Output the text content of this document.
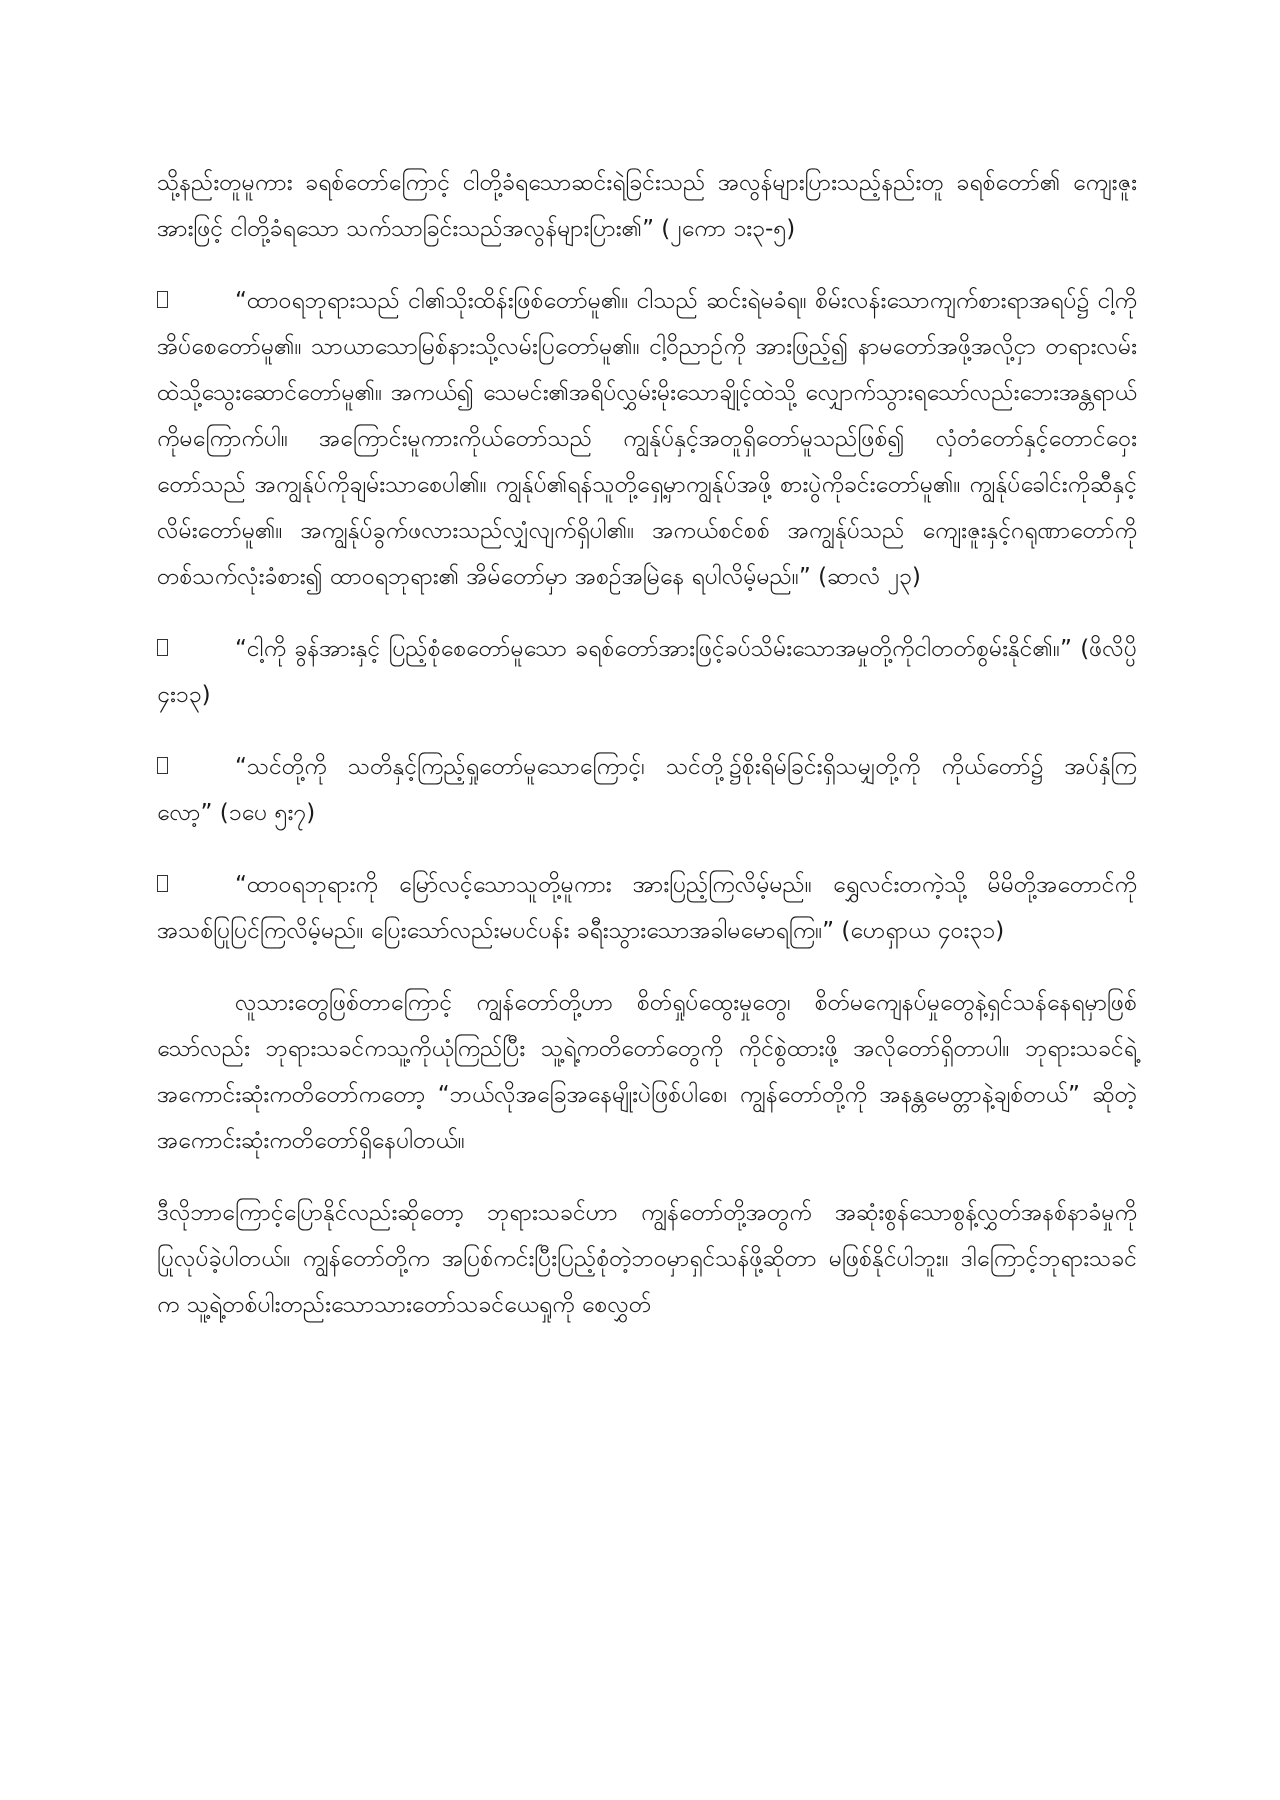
သို့နည်းတူမူကား ခရစ်တော်ကြောင့် ငါတို့ခံရသောဆင်းရဲခြင်းသည် အလွန်များပြားသည့်နည်းတူ ခရစ်တော်၏ ကျေးဇူးအားဖြင့် ငါတို့ခံရသော သက်သာခြင်းသည်အလွန်များပြား၏” (၂ကော ၁း၃-၅)

“ထာဝရဘုရားသည် ငါ၏သိုးထိန်းဖြစ်တော်မူ၏။ ငါသည် ဆင်းရဲမခံရ။ စိမ်းလန်းသောကျက်စားရာအရပ်၌ ငါ့ကိုအိပ်စေတော်မူ၏။ သာယာသောမြစ်နားသို့လမ်းပြတော်မူ၏။ ငါ့ဝိညာဉ်ကို အားဖြည့်၍ နာမတော်အဖို့အလို့ငှာ တရားလမ်းထဲသို့သွေးဆောင်တော်မူ၏။ အကယ်၍ သေမင်း၏အရိပ်လွှမ်းမိုးသောချိုင့်ထဲသို့ လျှောက်သွားရသော်လည်းဘေးအန္တရာယ်ကိုမကြောက်ပါ။ အကြောင်းမူကားကိုယ်တော်သည် ကျွန်ုပ်နှင့်အတူရှိတော်မူသည်ဖြစ်၍ လှံတံတော်နှင့်တောင်ဝှေးတော်သည် အကျွန်ုပ်ကိုချမ်းသာစေပါ၏။ ကျွန်ုပ်၏ရန်သူတို့ရှေ့မှာကျွန်ုပ်အဖို့ စားပွဲကိုခင်းတော်မူ၏။ ကျွန်ုပ်ခေါင်းကိုဆီနှင့်လိမ်းတော်မူ၏။ အကျွန်ုပ်ခွက်ဖလားသည်လျှံလျက်ရှိပါ၏။ အကယ်စင်စစ် အကျွန်ုပ်သည် ကျေးဇူးနှင့်ဂရုဏာတော်ကို တစ်သက်လုံးခံစား၍ ထာဝရဘုရား၏ အိမ်တော်မှာ အစဉ်အမြဲနေ ရပါလိမ့်မည်။” (ဆာလံ ၂၃)

“ငါ့ကို ခွန်အားနှင့် ပြည့်စုံစေတော်မူသော ခရစ်တော်အားဖြင့်ခပ်သိမ်းသောအမှုတို့ကိုငါတတ်စွမ်းနိုင်၏။” (ဖိလိပ္ပိ ၄း၁၃)

“သင်တို့ကို သတိနှင့်ကြည့်ရှုတော်မူသောကြောင့်၊ သင်တို့၌စိုးရိမ်ခြင်းရှိသမျှတို့ကို ကိုယ်တော်၌ အပ်နှံကြလော့” (၁ပေ ၅း၇)

“ထာဝရဘုရားကို မြော်လင့်သောသူတို့မူကား အားပြည့်ကြလိမ့်မည်။ ရွှေလင်းတကဲ့သို့ မိမိတို့အတောင်ကို အသစ်ပြုပြင်ကြလိမ့်မည်။ ပြေးသော်လည်းမပင်ပန်း ခရီးသွားသောအခါမမောရကြ။” (ဟေရှာယ ၄ဝး၃၁)

လူသားတွေဖြစ်တာကြောင့် ကျွန်တော်တို့ဟာ စိတ်ရှုပ်ထွေးမှုတွေ၊ စိတ်မကျေနပ်မှုတွေနဲ့ရှင်သန်နေရမှာဖြစ်သော်လည်း ဘုရားသခင်ကသူ့ကိုယုံကြည်ပြီး သူ့ရဲ့ကတိတော်တွေကို ကိုင်စွဲထားဖို့ အလိုတော်ရှိတာပါ။ ဘုရားသခင်ရဲ့အကောင်းဆုံးကတိတော်ကတော့ “ဘယ်လိုအခြေအနေမျိုးပဲဖြစ်ပါစေ၊ ကျွန်တော်တို့ကို အနန္တမေတ္တာနဲ့ချစ်တယ်” ဆိုတဲ့ အကောင်းဆုံးကတိတော်ရှိနေပါတယ်။

ဒီလိုဘာကြောင့်ပြောနိုင်လည်းဆိုတော့ ဘုရားသခင်ဟာ ကျွန်တော်တို့အတွက် အဆုံးစွန်သောစွန့်လွှတ်အနစ်နာခံမှုကို ပြုလုပ်ခဲ့ပါတယ်။ ကျွန်တော်တို့က အပြစ်ကင်းပြီးပြည့်စုံတဲ့ဘဝမှာရှင်သန်ဖို့ဆိုတာ မဖြစ်နိုင်ပါဘူး။ ဒါကြောင့်ဘုရားသခင်က သူ့ရဲ့တစ်ပါးတည်းသောသားတော်သခင်ယေရှုကို စေလွှတ်
